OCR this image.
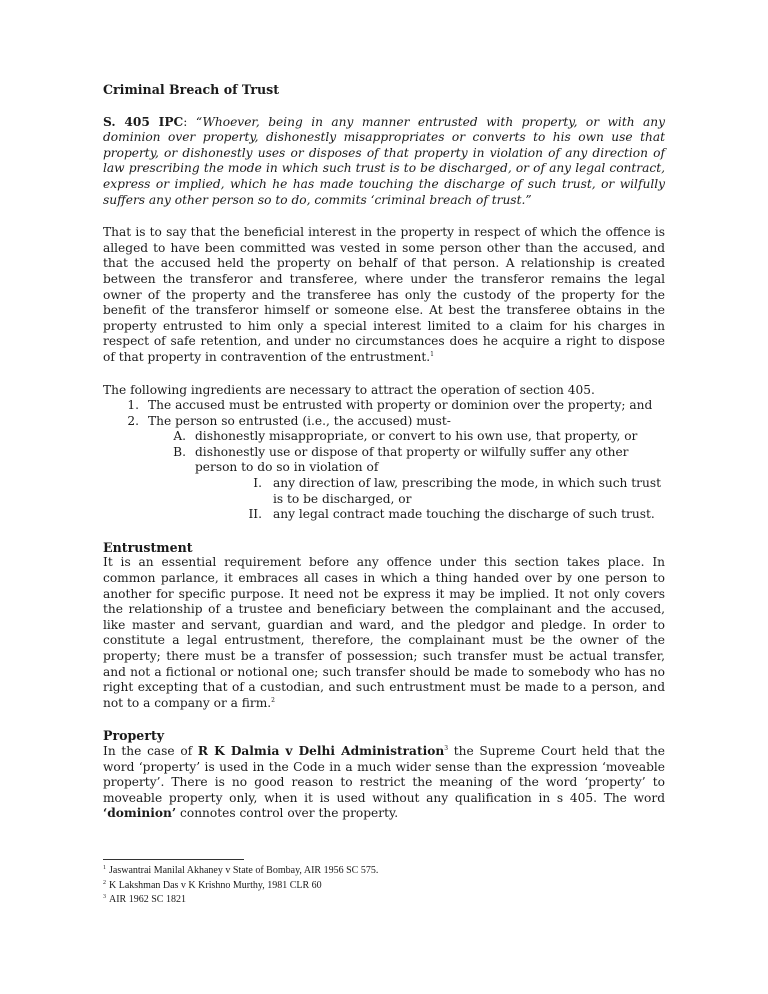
Criminal Breach of Trust

S. 405 IPC: “Whoever, being in any manner entrusted with property, or with any dominion over property, dishonestly misappropriates or converts to his own use that property, or dishonestly uses or disposes of that property in violation of any direction of law prescribing the mode in which such trust is to be discharged, or of any legal contract, express or implied, which he has made touching the discharge of such trust, or wilfully suffers any other person so to do, commits ‘criminal breach of trust.”

That is to say that the beneficial interest in the property in respect of which the offence is alleged to have been committed was vested in some person other than the accused, and that the accused held the property on behalf of that person. A relationship is created between the transferor and transferee, where under the transferor remains the legal owner of the property and the transferee has only the custody of the property for the benefit of the transferor himself or someone else. At best the transferee obtains in the property entrusted to him only a special interest limited to a claim for his charges in respect of safe retention, and under no circumstances does he acquire a right to dispose of that property in contravention of the entrustment.$^1$

The following ingredients are necessary to attract the operation of section 405.

1. The accused must be entrusted with property or dominion over the property; and
2. The person so entrusted (i.e., the accused) must-
A. dishonestly misappropriate, or convert to his own use, that property, or
B. dishonestly use or dispose of that property or wilfully suffer any other person to do so in violation of
I. any direction of law, prescribing the mode, in which such trust is to be discharged, or
II. any legal contract made touching the discharge of such trust.
Entrustment

It is an essential requirement before any offence under this section takes place. In common parlance, it embraces all cases in which a thing handed over by one person to another for specific purpose. It need not be express it may be implied. It not only covers the relationship of a trustee and beneficiary between the complainant and the accused, like master and servant, guardian and ward, and the pledgor and pledge. In order to constitute a legal entrustment, therefore, the complainant must be the owner of the property; there must be a transfer of possession; such transfer must be actual transfer, and not a fictional or notional one; such transfer should be made to somebody who has no right excepting that of a custodian, and such entrustment must be made to a person, and not to a company or a firm.$^2$

Property

In the case of R K Dalmia v Delhi Administration$^3$ the Supreme Court held that the word ‘property’ is used in the Code in a much wider sense than the expression ‘moveable property’. There is no good reason to restrict the meaning of the word ‘property’ to moveable property only, when it is used without any qualification in s 405. The word ‘dominion’ connotes control over the property.

$^1$ Jaswantrai Manilal Akhaney v State of Bombay, AIR 1956 SC 575.
$^2$ K Lakshman Das v K Krishno Murthy, 1981 CLR 60
$^3$ AIR 1962 SC 1821
